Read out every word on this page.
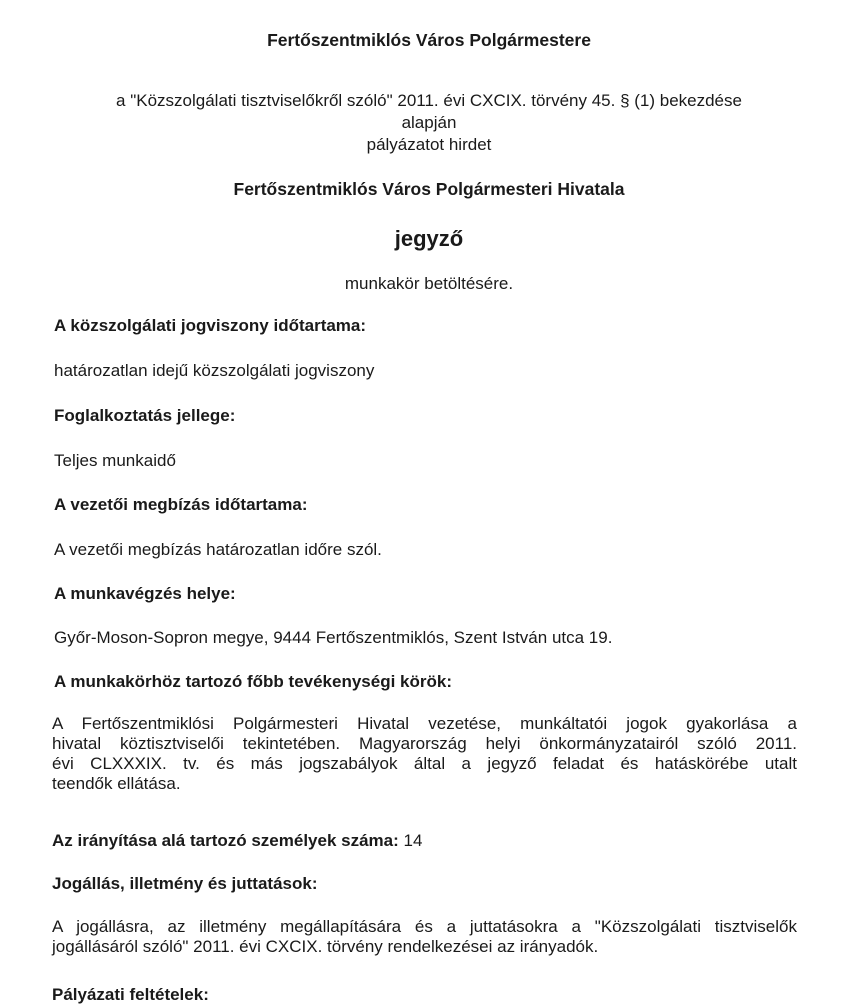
Fertőszentmiklós Város Polgármestere

a "Közszolgálati tisztviselőkről szóló" 2011. évi CXCIX. törvény 45. § (1) bekezdése

alapján

pályázatot hirdet

Fertőszentmiklós Város Polgármesteri Hivatala

jegyző

munkakör betöltésére.

A közszolgálati jogviszony időtartama:

határozatlan idejű közszolgálati jogviszony

Foglalkoztatás jellege:

Teljes munkaidő

A vezetői megbízás időtartama:

A vezetői megbízás határozatlan időre szól.

A munkavégzés helye:

Győr-Moson-Sopron megye, 9444 Fertőszentmiklós, Szent István utca 19.

A munkakörhöz tartozó főbb tevékenységi körök:

A Fertőszentmiklósi Polgármesteri Hivatal vezetése, munkáltatói jogok gyakorlása a
hivatal köztisztviselői tekintetében. Magyarország helyi önkormányzatairól szóló 2011.
évi CLXXXIX. tv. és más jogszabályok által a jegyző feladat és hatáskörébe utalt
teendők ellátása.

Az irányítása alá tartozó személyek száma: 14

Jogállás, illetmény és juttatások:

A jogállásra, az illetmény megállapítására és a juttatásokra a "Közszolgálati tisztviselők
jogállásáról szóló" 2011. évi CXCIX. törvény rendelkezései az irányadók.

Pályázati feltételek:
